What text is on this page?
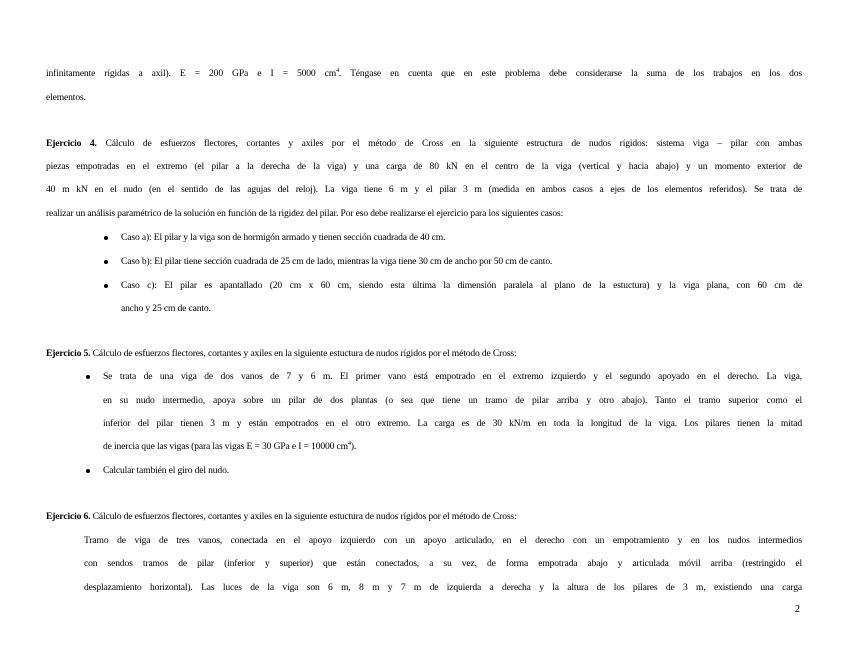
infinitamente rígidas a axil). E = 200 GPa e I = 5000 $cm^4$. Téngase en cuenta que en este problema debe considerarse la suma de los trabajos en los dos
elementos.
Ejercicio 4. Cálculo de esfuerzos flectores, cortantes y axiles por el método de Cross en la siguiente estructura de nudos rígidos: sistema viga – pilar con ambas
piezas empotradas en el extremo (el pilar a la derecha de la viga) y una carga de 80 kN en el centro de la viga (vertical y hacia abajo) y un momento exterior de
40 m kN en el nudo (en el sentido de las agujas del reloj). La viga tiene 6 m y el pilar 3 m (medida en ambos casos a ejes de los elementos referidos). Se trata de
realizar un análisis paramétrico de la solución en función de la rigidez del pilar. Por eso debe realizarse el ejercicio para los siguientes casos:
Caso a): El pilar y la viga son de hormigón armado y tienen sección cuadrada de 40 cm.
Caso b): El pilar tiene sección cuadrada de 25 cm de lado, mientras la viga tiene 30 cm de ancho por 50 cm de canto.
Caso c): El pilar es apantallado (20 cm x 60 cm, siendo esta última la dimensión paralela al plano de la estuctura) y la viga plana, con 60 cm de
ancho y 25 cm de canto.
Ejercicio 5. Cálculo de esfuerzos flectores, cortantes y axiles en la siguiente estuctura de nudos rígidos por el método de Cross:
Se trata de una viga de dos vanos de 7 y 6 m. El primer vano está empotrado en el extremo izquierdo y el segundo apoyado en el derecho. La viga,
en su nudo intermedio, apoya sobre un pilar de dos plantas (o sea que tiene un tramo de pilar arriba y otro abajo). Tanto el tramo superior como el
inferior del pilar tienen 3 m y están empotrados en el otro extremo. La carga es de 30 kN/m en toda la longitud de la viga. Los pilares tienen la mitad
de inercia que las vigas (para las vigas E = 30 GPa e I = 10000 $cm^4$).
Calcular también el giro del nudo.
Ejercicio 6. Cálculo de esfuerzos flectores, cortantes y axiles en la siguiente estuctura de nudos rígidos por el método de Cross:
Tramo de viga de tres vanos, conectada en el apoyo izquierdo con un apoyo articulado, en el derecho con un empotramiento y en los nudos intermedios
con sendos tramos de pilar (inferior y superior) que están conectados, a su vez, de forma empotrada abajo y articulada móvil arriba (restringido el
desplazamiento horizontal). Las luces de la viga son 6 m, 8 m y 7 m de izquierda a derecha y la altura de los pilares de 3 m, existiendo una carga
2
